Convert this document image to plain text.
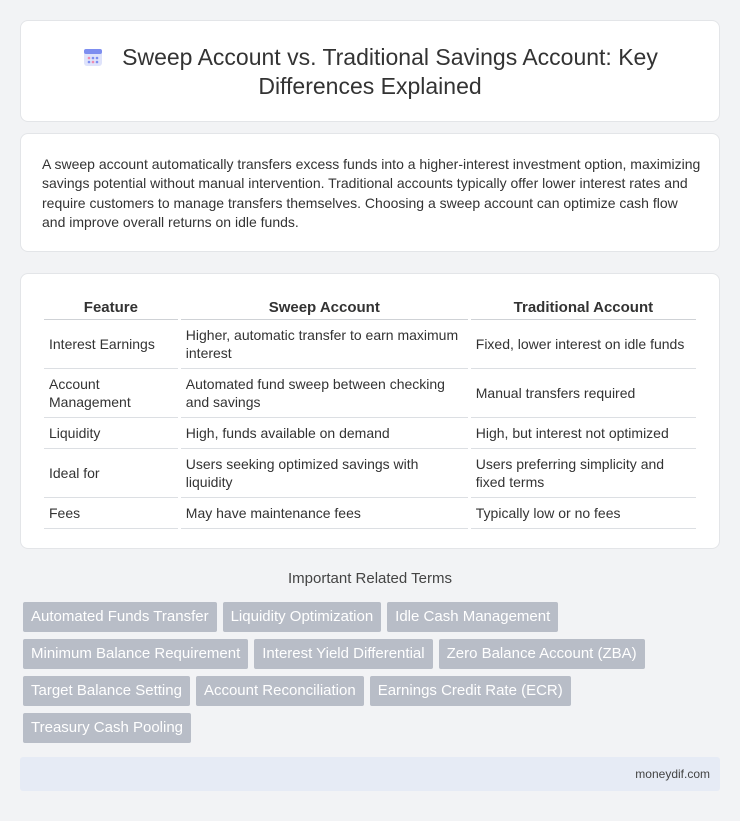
Sweep Account vs. Traditional Savings Account: Key Differences Explained

A sweep account automatically transfers excess funds into a higher-interest investment option, maximizing savings potential without manual intervention. Traditional accounts typically offer lower interest rates and require customers to manage transfers themselves. Choosing a sweep account can optimize cash flow and improve overall returns on idle funds.

Feature	Sweep Account	Traditional Account
Interest Earnings	Higher, automatic transfer to earn maximum interest	Fixed, lower interest on idle funds
Account Management	Automated fund sweep between checking and savings	Manual transfers required
Liquidity	High, funds available on demand	High, but interest not optimized
Ideal for	Users seeking optimized savings with liquidity	Users preferring simplicity and fixed terms
Fees	May have maintenance fees	Typically low or no fees
Important Related Terms
Automated Funds Transfer	Liquidity Optimization	Idle Cash Management
Minimum Balance Requirement	Interest Yield Differential	Zero Balance Account (ZBA)
Target Balance Setting	Account Reconciliation	Earnings Credit Rate (ECR)
Treasury Cash Pooling
moneydif.com
